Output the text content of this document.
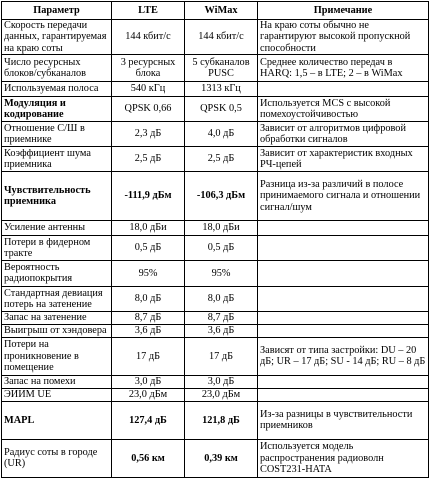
Параметр	LTE	WiMax	Примечание
Скорость передачи данных, гарантируемая на краю соты	144 кбит/с	144 кбит/с	На краю соты обычно не гарантируют высокой пропускной способности
Число ресурсных блоков/субканалов	3 ресурсных блока	5 субканалов PUSC	Среднее количество передач в HARQ: 1,5 – в LTE; 2 – в WiMax
Используемая полоса	540 кГц	1313 кГц	
Модуляция и кодирование	QPSK 0,66	QPSK 0,5	Используется MCS с высокой помехоустойчивостью
Отношение С/Ш в приемнике	2,3 дБ	4,0 дБ	Зависит от алгоритмов цифровой обработки сигналов
Коэффициент шума приемника	2,5 дБ	2,5 дБ	Зависит от характеристик входных РЧ-цепей
Чувствительность приемника	-111,9 дБм	-106,3 дБм	Разница из-за различий в полосе принимаемого сигнала и отношении сигнал/шум
Усиление антенны	18,0 дБи	18,0 дБи	
Потери в фидерном тракте	0,5 дБ	0,5 дБ	
Вероятность радиопокрытия	95%	95%	
Стандартная девиация потерь на затенение	8,0 дБ	8,0 дБ	
Запас на затенение	8,7 дБ	8,7 дБ	
Выигрыш от хэндовера	3,6 дБ	3,6 дБ	
Потери на проникновение в помещение	17 дБ	17 дБ	Зависят от типа застройки: DU – 20 дБ; UR – 17 дБ; SU - 14 дБ; RU – 8 дБ
Запас на помехи	3,0 дБ	3,0 дБ	
ЭИИМ UE	23,0 дБм	23,0 дБм	
MAPL	127,4 дБ	121,8 дБ	Из-за разницы в чувствительности приемников
Радиус соты в городе (UR)	0,56 км	0,39 км	Используется модель распространения радиоволн COST231-HATA
